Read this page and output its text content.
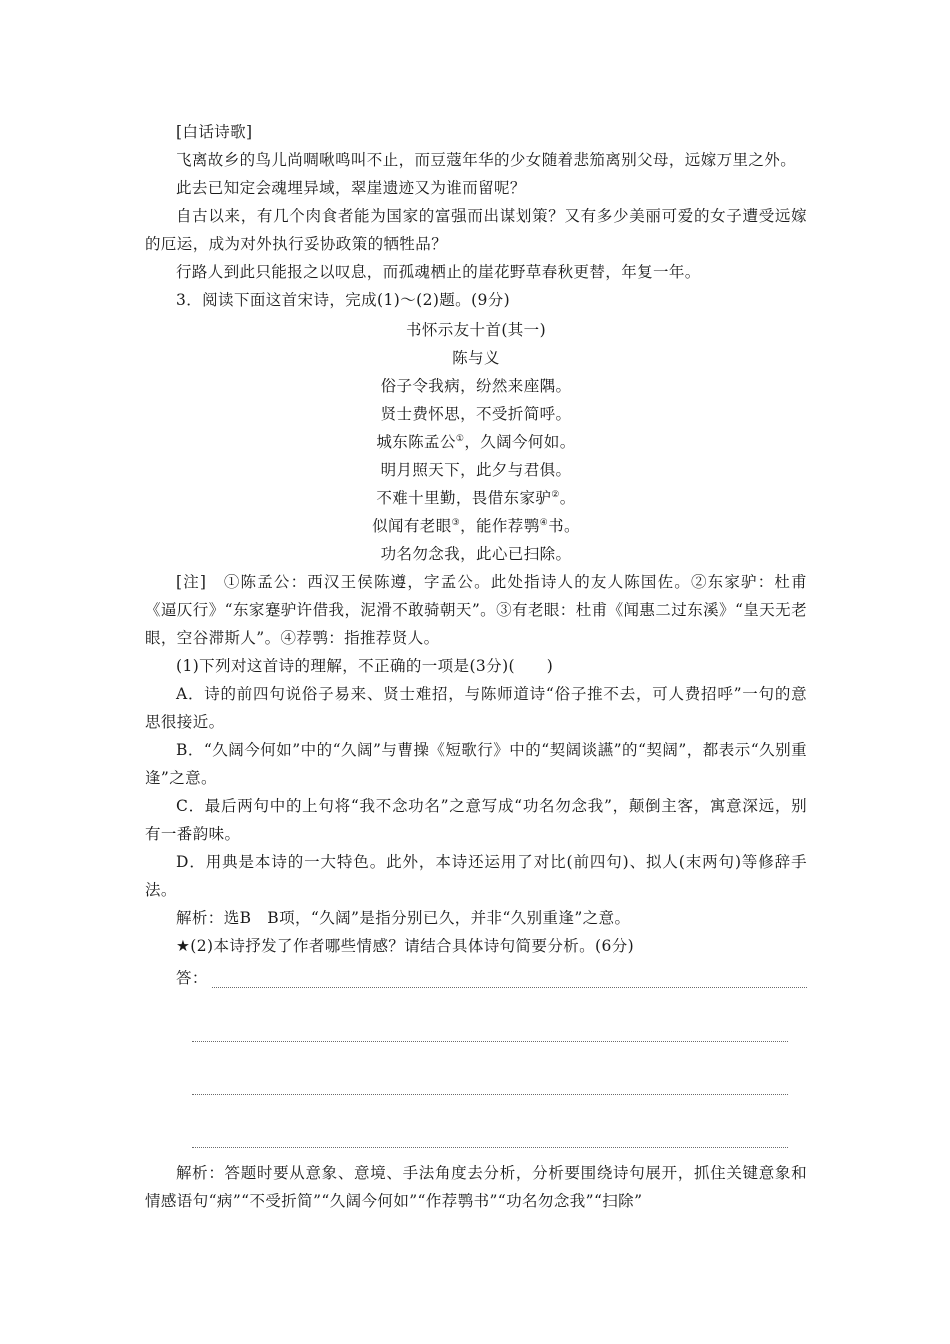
[白话诗歌]

飞离故乡的鸟儿尚啁啾鸣叫不止，而豆蔻年华的少女随着悲笳离别父母，远嫁万里之外。

此去已知定会魂埋异域，翠崖遗迹又为谁而留呢？

自古以来，有几个肉食者能为国家的富强而出谋划策？又有多少美丽可爱的女子遭受远嫁的厄运，成为对外执行妥协政策的牺牲品？

行路人到此只能报之以叹息，而孤魂栖止的崖花野草春秋更替，年复一年。

3．阅读下面这首宋诗，完成(1)～(2)题。(9分)

书怀示友十首(其一)

陈与义

俗子令我病，纷然来座隅。

贤士费怀思，不受折简呼。

城东陈孟公①，久阔今何如。

明月照天下，此夕与君俱。

不难十里勤，畏借东家驴②。

似闻有老眼③，能作荐鹗④书。

功名勿念我，此心已扫除。

[注]　①陈孟公：西汉王侯陈遵，字孟公。此处指诗人的友人陈国佐。②东家驴：杜甫《逼仄行》“东家蹇驴许借我，泥滑不敢骑朝天”。③有老眼：杜甫《闻惠二过东溪》“皇天无老眼，空谷滞斯人”。④荐鹗：指推荐贤人。

(1)下列对这首诗的理解，不正确的一项是(3分)(　　)

A．诗的前四句说俗子易来、贤士难招，与陈师道诗“俗子推不去，可人费招呼”一句的意思很接近。

B．“久阔今何如”中的“久阔”与曹操《短歌行》中的“契阔谈讌”的“契阔”，都表示“久别重逢”之意。

C．最后两句中的上句将“我不念功名”之意写成“功名勿念我”，颠倒主客，寓意深远，别有一番韵味。

D．用典是本诗的一大特色。此外，本诗还运用了对比(前四句)、拟人(末两句)等修辞手法。

解析：选B　B项，“久阔”是指分别已久，并非“久别重逢”之意。

★(2)本诗抒发了作者哪些情感？请结合具体诗句简要分析。(6分)

答：

解析：答题时要从意象、意境、手法角度去分析，分析要围绕诗句展开，抓住关键意象和情感语句“病”“不受折简”“久阔今何如”“作荐鹗书”“功名勿念我”“扫除”
